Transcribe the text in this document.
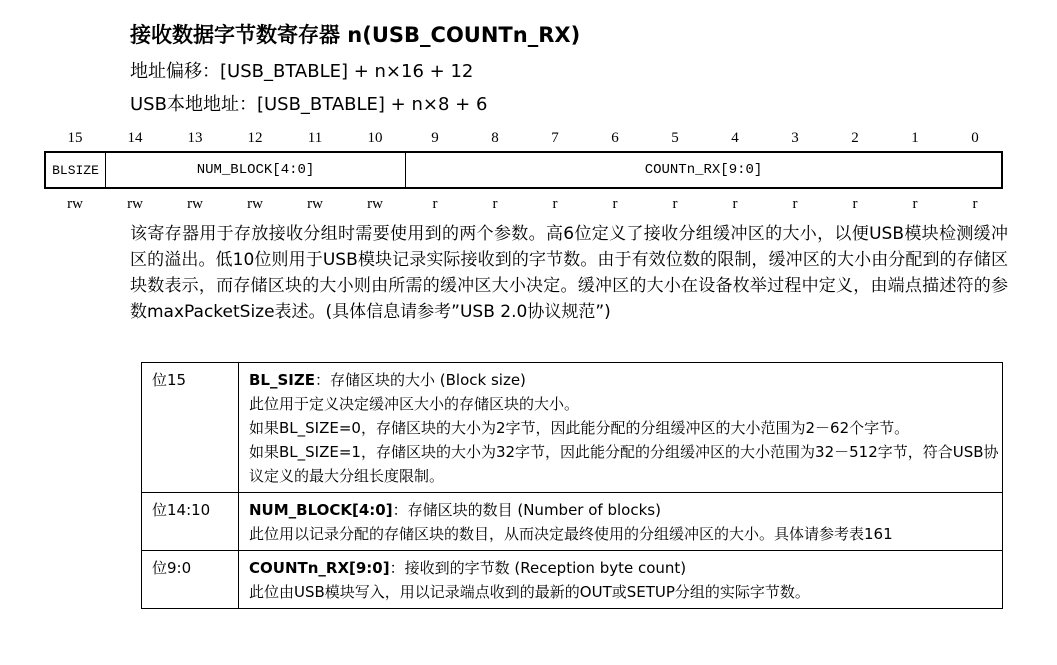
接收数据字节数寄存器 n(USB_COUNTn_RX)
地址偏移：[USB_BTABLE] + n×16 + 12
USB本地地址：[USB_BTABLE] + n×8 + 6
15	14	13	12	11	10	9	8	7	6	5	4	3	2	1	0
BLSIZE	NUM_BLOCK[4:0]	COUNTn_RX[9:0]
rw	rw	rw	rw	rw	rw	r	r	r	r	r	r	r	r	r	r
该寄存器用于存放接收分组时需要使用到的两个参数。高6位定义了接收分组缓冲区的大小，以便USB模块检测缓冲区的溢出。低10位则用于USB模块记录实际接收到的字节数。由于有效位数的限制，缓冲区的大小由分配到的存储区块数表示，而存储区块的大小则由所需的缓冲区大小决定。缓冲区的大小在设备枚举过程中定义，由端点描述符的参数maxPacketSize表述。(具体信息请参考”USB 2.0协议规范”)
位15	BL_SIZE：存储区块的大小 (Block size)
此位用于定义决定缓冲区大小的存储区块的大小。
如果BL_SIZE=0，存储区块的大小为2字节，因此能分配的分组缓冲区的大小范围为2－62个字节。
如果BL_SIZE=1，存储区块的大小为32字节，因此能分配的分组缓冲区的大小范围为32－512字节，符合USB协议定义的最大分组长度限制。

位14:10	NUM_BLOCK[4:0]：存储区块的数目 (Number of blocks)
此位用以记录分配的存储区块的数目，从而决定最终使用的分组缓冲区的大小。具体请参考表161

位9:0	COUNTn_RX[9:0]：接收到的字节数 (Reception byte count)
此位由USB模块写入，用以记录端点收到的最新的OUT或SETUP分组的实际字节数。
